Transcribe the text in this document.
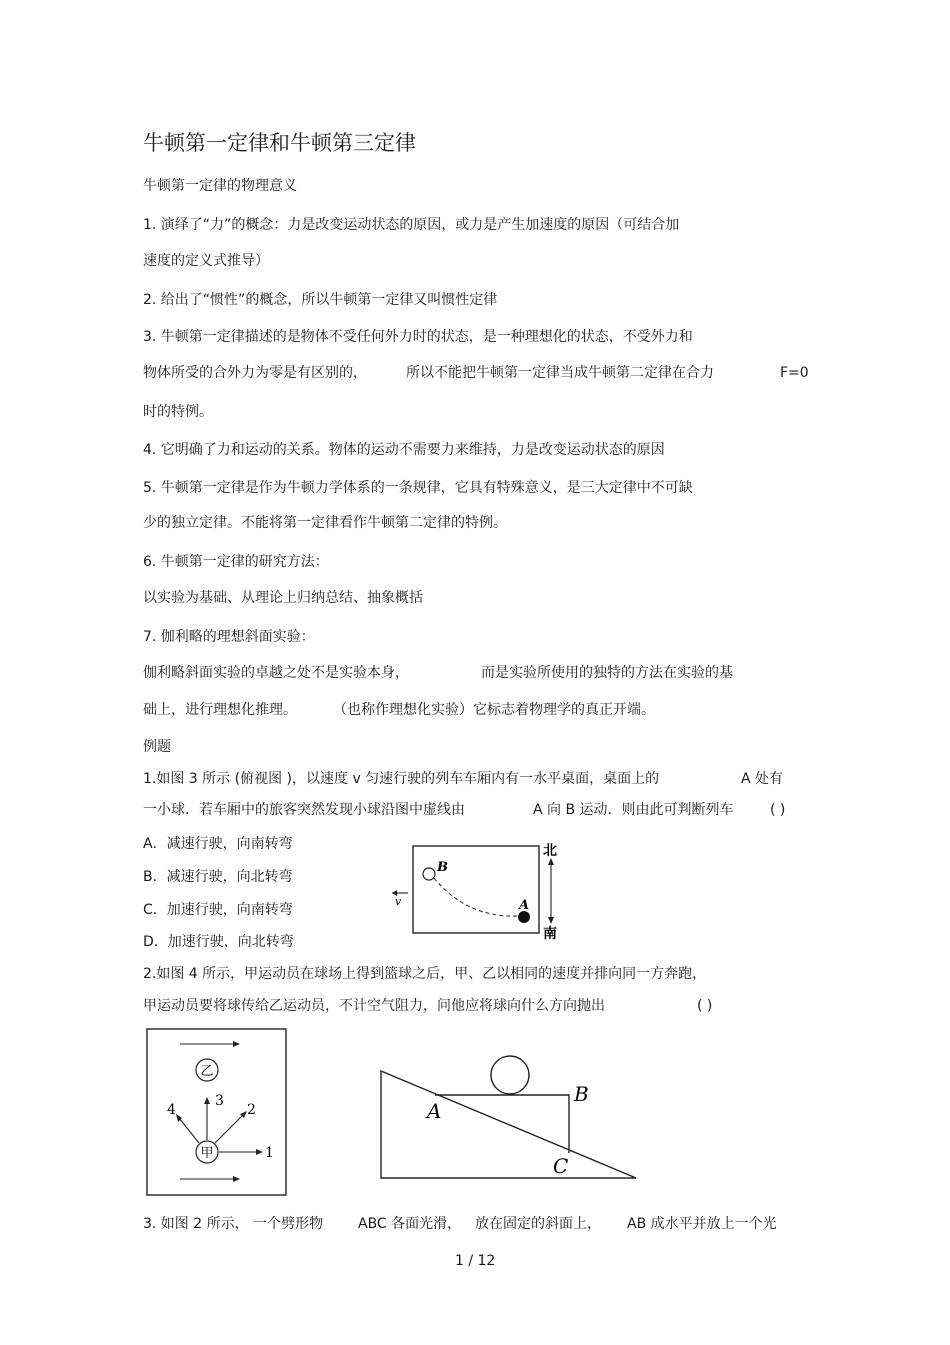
牛顿第一定律和牛顿第三定律
牛顿第一定律的物理意义
1. 演绎了“力”的概念：力是改变运动状态的原因，或力是产生加速度的原因（可结合加
速度的定义式推导）
2. 给出了“惯性”的概念，所以牛顿第一定律又叫惯性定律
3. 牛顿第一定律描述的是物体不受任何外力时的状态，是一种理想化的状态，不受外力和
物体所受的合外力为零是有区别的，	所以不能把牛顿第一定律当成牛顿第二定律在合力	F=0
时的特例。
4. 它明确了力和运动的关系。物体的运动不需要力来维持，力是改变运动状态的原因
5. 牛顿第一定律是作为牛顿力学体系的一条规律，它具有特殊意义，是三大定律中不可缺
少的独立定律。不能将第一定律看作牛顿第二定律的特例。
6. 牛顿第一定律的研究方法：
以实验为基础、从理论上归纳总结、抽象概括
7. 伽利略的理想斜面实验：
伽利略斜面实验的卓越之处不是实验本身，	而是实验所使用的独特的方法在实验的基
础上，进行理想化推理。	（也称作理想化实验）它标志着物理学的真正开端。
例题
1.如图 3 所示 (俯视图 )，以速度 v 匀速行驶的列车车厢内有一水平桌面，桌面上的	A 处有
一小球．若车厢中的旅客突然发现小球沿图中虚线由	A 向 B 运动．则由此可判断列车	( )
A．减速行驶，向南转弯
B．减速行驶，向北转弯
C．加速行驶，向南转弯
D．加速行驶，向北转弯
B
A
v
北
南
2.如图 4 所示，甲运动员在球场上得到篮球之后，甲、乙以相同的速度并排向同一方奔跑，
甲运动员要将球传给乙运动员，不计空气阻力，问他应将球向什么方向抛出	( )
乙
甲	1
2
3
4	A
B
C
3. 如图 2 所示， 一个劈形物 ABC 各面光滑， 放在固定的斜面上， AB 成水平并放上一个光
1 / 12
